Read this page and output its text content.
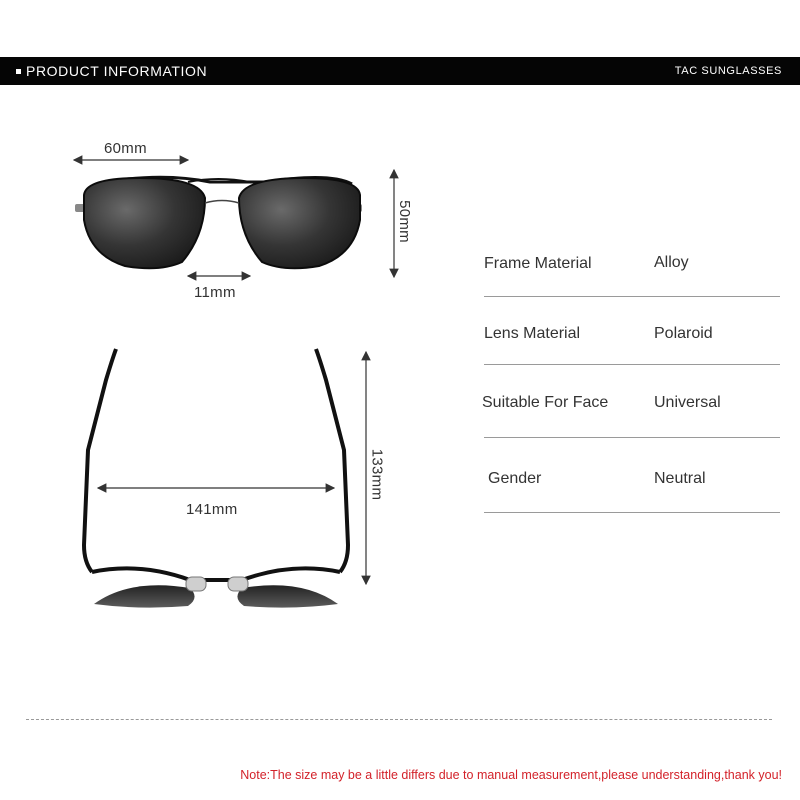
PRODUCT INFORMATION	TAC SUNGLASSES
60mm
11mm
50mm
141mm
133mm
Frame Material	Alloy
Lens Material	Polaroid
Suitable For Face	Universal
Gender	Neutral
Note:The size may be a little differs due to manual measurement,please understanding,thank you!
